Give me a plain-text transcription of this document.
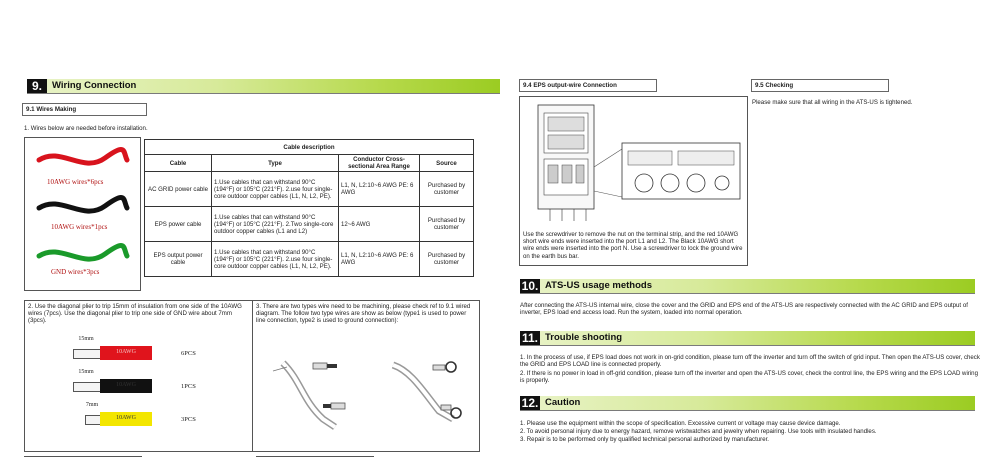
9.	Wiring Connection
9.1 Wires Making
1. Wires below are needed before installation.
10AWG wires*6pcs
10AWG wires*1pcs
GND wires*3pcs
Cable description			
Cable	Type	Conductor Cross-sectional Area Range	Source
AC GRID power cable	1.Use cables that can withstand 90°C (194°F) or 105°C (221°F). 2.use four single-core outdoor copper cables (L1, N, L2, PE).	L1, N, L2:10~6 AWG PE: 6 AWG	Purchased by customer
EPS power cable	1.Use cables that can withstand 90°C (194°F) or 105°C (221°F). 2.Two single-core outdoor copper cables (L1 and L2)	12~6 AWG	Purchased by customer
EPS output power cable	1.Use cables that can withstand 90°C (194°F) or 105°C (221°F). 2.use four single-core outdoor copper cables (L1, N, L2, PE).	L1, N, L2:10~6 AWG PE: 6 AWG	Purchased by customer
2. Use the diagonal plier to trip 15mm of insulation from one side of the 10AWG wires (7pcs). Use the diagonal plier to trip one side of GND wire about 7mm (3pcs).
15mm
10AWG	6PCS
15mm
10AWG	1PCS
7mm
10AWG	3PCS
3. There are two types wire need to be machining, please check ref to 9.1 wired diagram. The follow two type wires are show as below (type1 is used to power line connection, type2 is used to ground connection):
9.4 EPS output-wire Connection	9.5 Checking
Please make sure that all wiring in the ATS-US is tightened.
Use the screwdriver to remove the nut on the terminal strip, and the red 10AWG short wire ends were inserted into the port L1 and L2. The Black 10AWG short wire ends were inserted into the port N. Use a screwdriver to lock the ground wire on the earth bus bar.
10. ATS-US usage methods
After connecting the ATS-US internal wire, close the cover and the GRID and EPS end of the ATS-US are respectively connected with the AC GRID and EPS output of inverter, EPS load end access load. Run the system, loaded into normal operation.
11. Trouble shooting
1. In the process of use, if EPS load does not work in on-grid condition, please turn off the inverter and turn off the switch of grid input. Then open the ATS-US cover, check the GRID and EPS LOAD line is connected properly.
2. If there is no power in load in off-grid condition, please turn off the inverter and open the ATS-US cover, check the control line, the EPS wiring and the EPS LOAD wiring is properly.
12. Caution
1. Please use the equipment within the scope of specification. Excessive current or voltage may cause device damage.
2. To avoid personal injury due to energy hazard, remove wristwatches and jewelry when repairing. Use tools with insulated handles.
3. Repair is to be performed only by qualified technical personal authorized by manufacturer.
